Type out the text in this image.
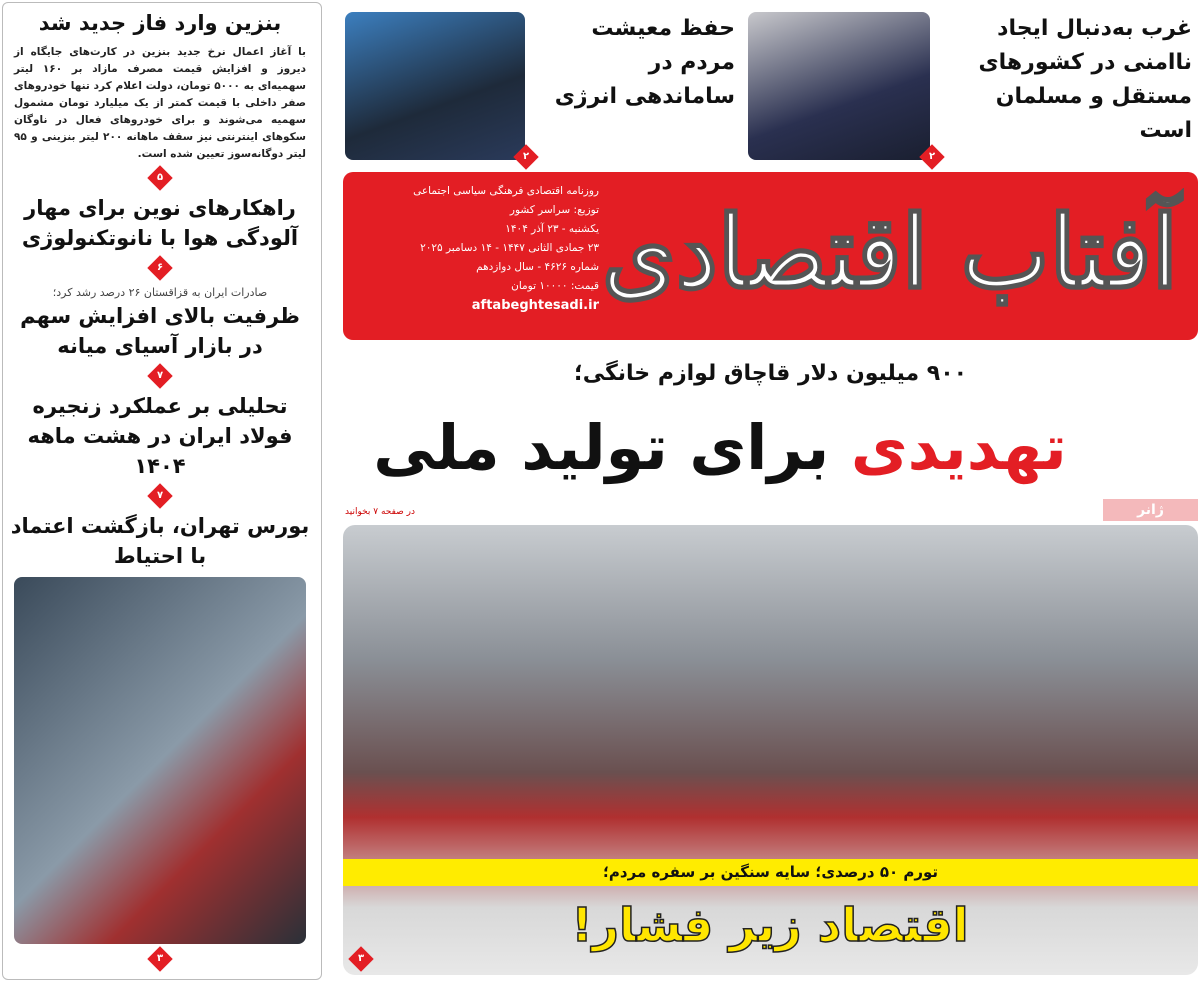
بنزین وارد فاز جدید شد
با آغاز اعمال نرخ جدید بنزین در کارت‌های جایگاه از دیروز و افزایش قیمت مصرف مازاد بر ۱۶۰ لیتر سهمیه‌ای به ۵۰۰۰ تومان، دولت اعلام کرد تنها خودروهای صفر داخلی با قیمت کمتر از یک میلیارد تومان مشمول سهمیه می‌شوند و برای خودروهای فعال در ناوگان سکوهای اینترنتی نیز سقف ماهانه ۲۰۰ لیتر بنزینی و ۹۵ لیتر دوگانه‌سوز تعیین شده است.
۵
راهکارهای نوین برای مهار آلودگی هوا با نانوتکنولوژی
۶
صادرات ایران به قزاقستان ۲۶ درصد رشد کرد؛
ظرفیت بالای افزایش سهم در بازار آسیای میانه
۷
تحلیلی بر عملکرد زنجیره فولاد ایران در هشت ماهه ۱۴۰۴
۷
بورس تهران، بازگشت اعتماد با احتیاط
۳
۲
غرب به‌دنبال ایجاد ناامنی در کشورهای مستقل و مسلمان است
۲
حفظ معیشت مردم در ساماندهی انرژی
آفتاب اقتصادی
روزنامه اقتصادی فرهنگی سیاسی اجتماعی
توزیع: سراسر کشور
یکشنبه - ۲۳ آذر ۱۴۰۴
۲۳ جمادی الثانی ۱۴۴۷ - ۱۴ دسامبر ۲۰۲۵
شماره ۴۶۲۶ - سال دوازدهم
قیمت: ۱۰۰۰۰ تومان
aftabeghtesadi.ir
۹۰۰ میلیون دلار قاچاق لوازم خانگی؛
تهدیدی برای تولید ملی
ژانر
در صفحه ۷ بخوانید
تورم ۵۰ درصدی؛ سایه سنگین بر سفره مردم؛
اقتصاد زیر فشار!
۳
